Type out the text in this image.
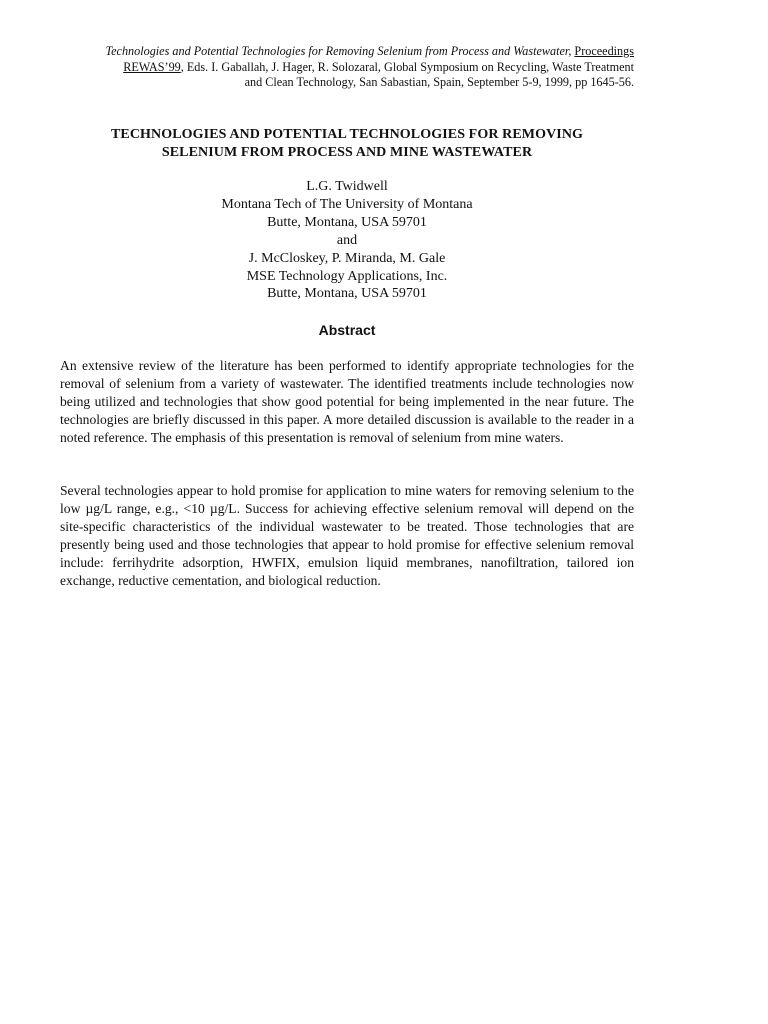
Technologies and Potential Technologies for Removing Selenium from Process and Wastewater, Proceedings
REWAS’99, Eds. I. Gaballah, J. Hager, R. Solozaral, Global Symposium on Recycling, Waste Treatment
and Clean Technology, San Sabastian, Spain, September 5-9, 1999, pp 1645-56.
TECHNOLOGIES AND POTENTIAL TECHNOLOGIES FOR REMOVING
SELENIUM FROM PROCESS AND MINE WASTEWATER
L.G. Twidwell
Montana Tech of The University of Montana
Butte, Montana, USA 59701
and
J. McCloskey, P. Miranda, M. Gale
MSE Technology Applications, Inc.
Butte, Montana, USA 59701
Abstract

An extensive review of the literature has been performed to identify appropriate technologies for the removal of selenium from a variety of wastewater. The identified treatments include technologies now being utilized and technologies that show good potential for being implemented in the near future. The technologies are briefly discussed in this paper. A more detailed discussion is available to the reader in a noted reference. The emphasis of this presentation is removal of selenium from mine waters.

Several technologies appear to hold promise for application to mine waters for removing selenium to the low µg/L range, e.g., <10 µg/L. Success for achieving effective selenium removal will depend on the site-specific characteristics of the individual wastewater to be treated. Those technologies that are presently being used and those technologies that appear to hold promise for effective selenium removal include: ferrihydrite adsorption, HWFIX, emulsion liquid membranes, nanofiltration, tailored ion exchange, reductive cementation, and biological reduction.
